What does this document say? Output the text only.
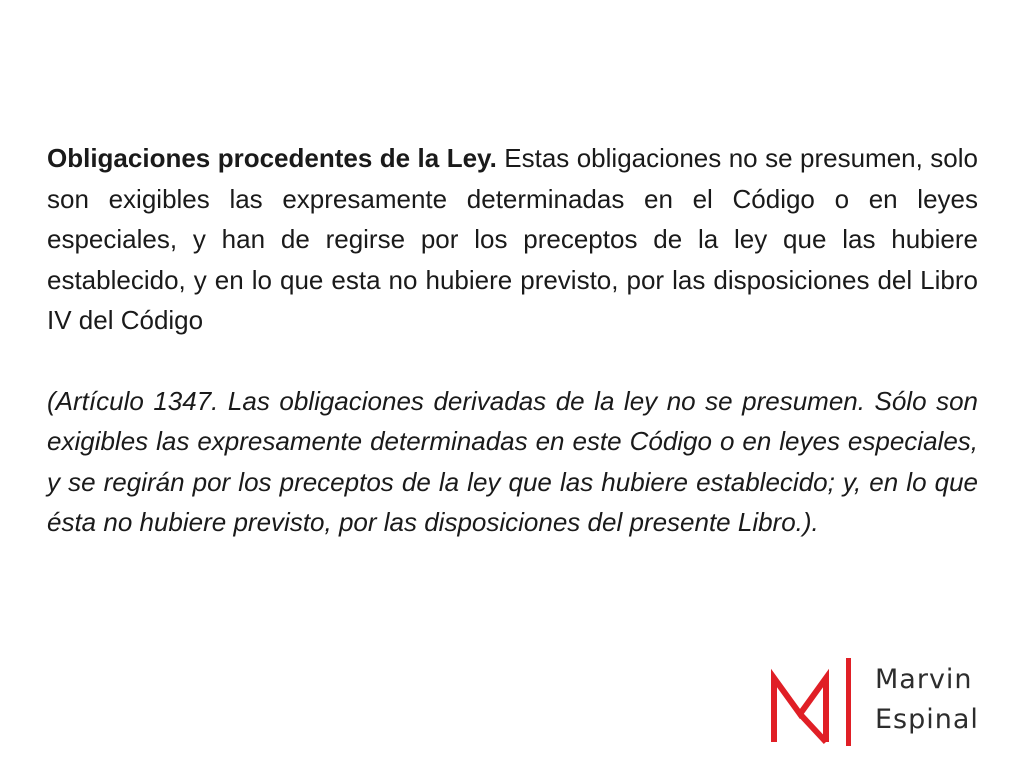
Obligaciones procedentes de la Ley. Estas obligaciones no se presumen, solo son exigibles las expresamente determinadas en el Código o en leyes especiales, y han de regirse por los preceptos de la ley que las hubiere establecido, y en lo que esta no hubiere previsto, por las disposiciones del Libro IV del Código

(Artículo 1347. Las obligaciones derivadas de la ley no se presumen. Sólo son exigibles las expresamente determinadas en este Código o en leyes especiales, y se regirán por los preceptos de la ley que las hubiere establecido; y, en lo que ésta no hubiere previsto, por las disposiciones del presente Libro.).

Marvin
Espinal
